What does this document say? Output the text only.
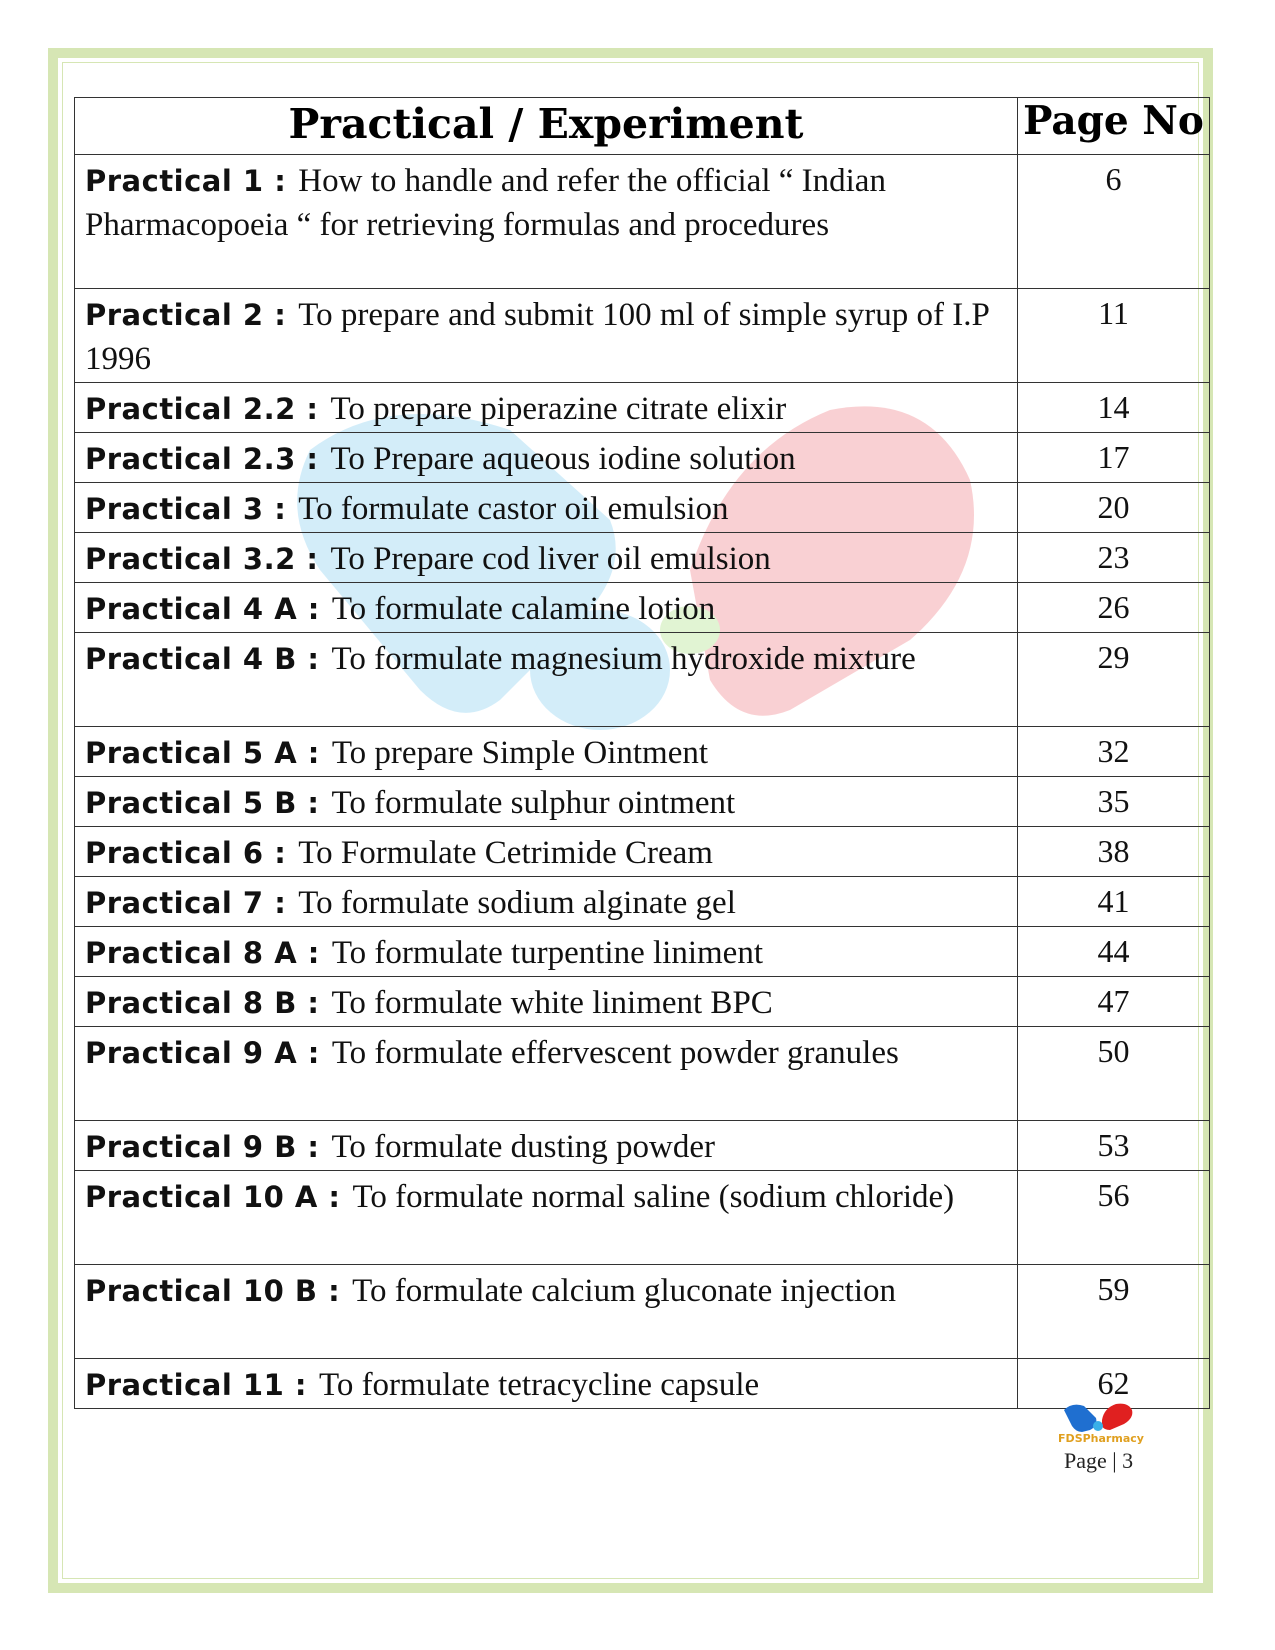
Practical / Experiment	Page No
Practical 1 : How to handle and refer the official “ Indian Pharmacopoeia “ for retrieving formulas and procedures	6
Practical 2 : To prepare and submit 100 ml of simple syrup of I.P 1996	11
Practical 2.2 : To prepare piperazine citrate elixir	14
Practical 2.3 : To Prepare aqueous iodine solution	17
Practical 3 : To formulate castor oil emulsion	20
Practical 3.2 : To Prepare cod liver oil emulsion	23
Practical 4 A : To formulate calamine lotion	26
Practical 4 B : To formulate magnesium hydroxide mixture	29
Practical 5 A : To prepare Simple Ointment	32
Practical 5 B : To formulate sulphur ointment	35
Practical 6 : To Formulate Cetrimide Cream	38
Practical 7 : To formulate sodium alginate gel	41
Practical 8 A : To formulate turpentine liniment	44
Practical 8 B : To formulate white liniment BPC	47
Practical 9 A : To formulate effervescent powder granules	50
Practical 9 B : To formulate dusting powder	53
Practical 10 A : To formulate normal saline (sodium chloride)	56
Practical 10 B : To formulate calcium gluconate injection	59
Practical 11 : To formulate tetracycline capsule	62
FDSPharmacy
Page | 3
